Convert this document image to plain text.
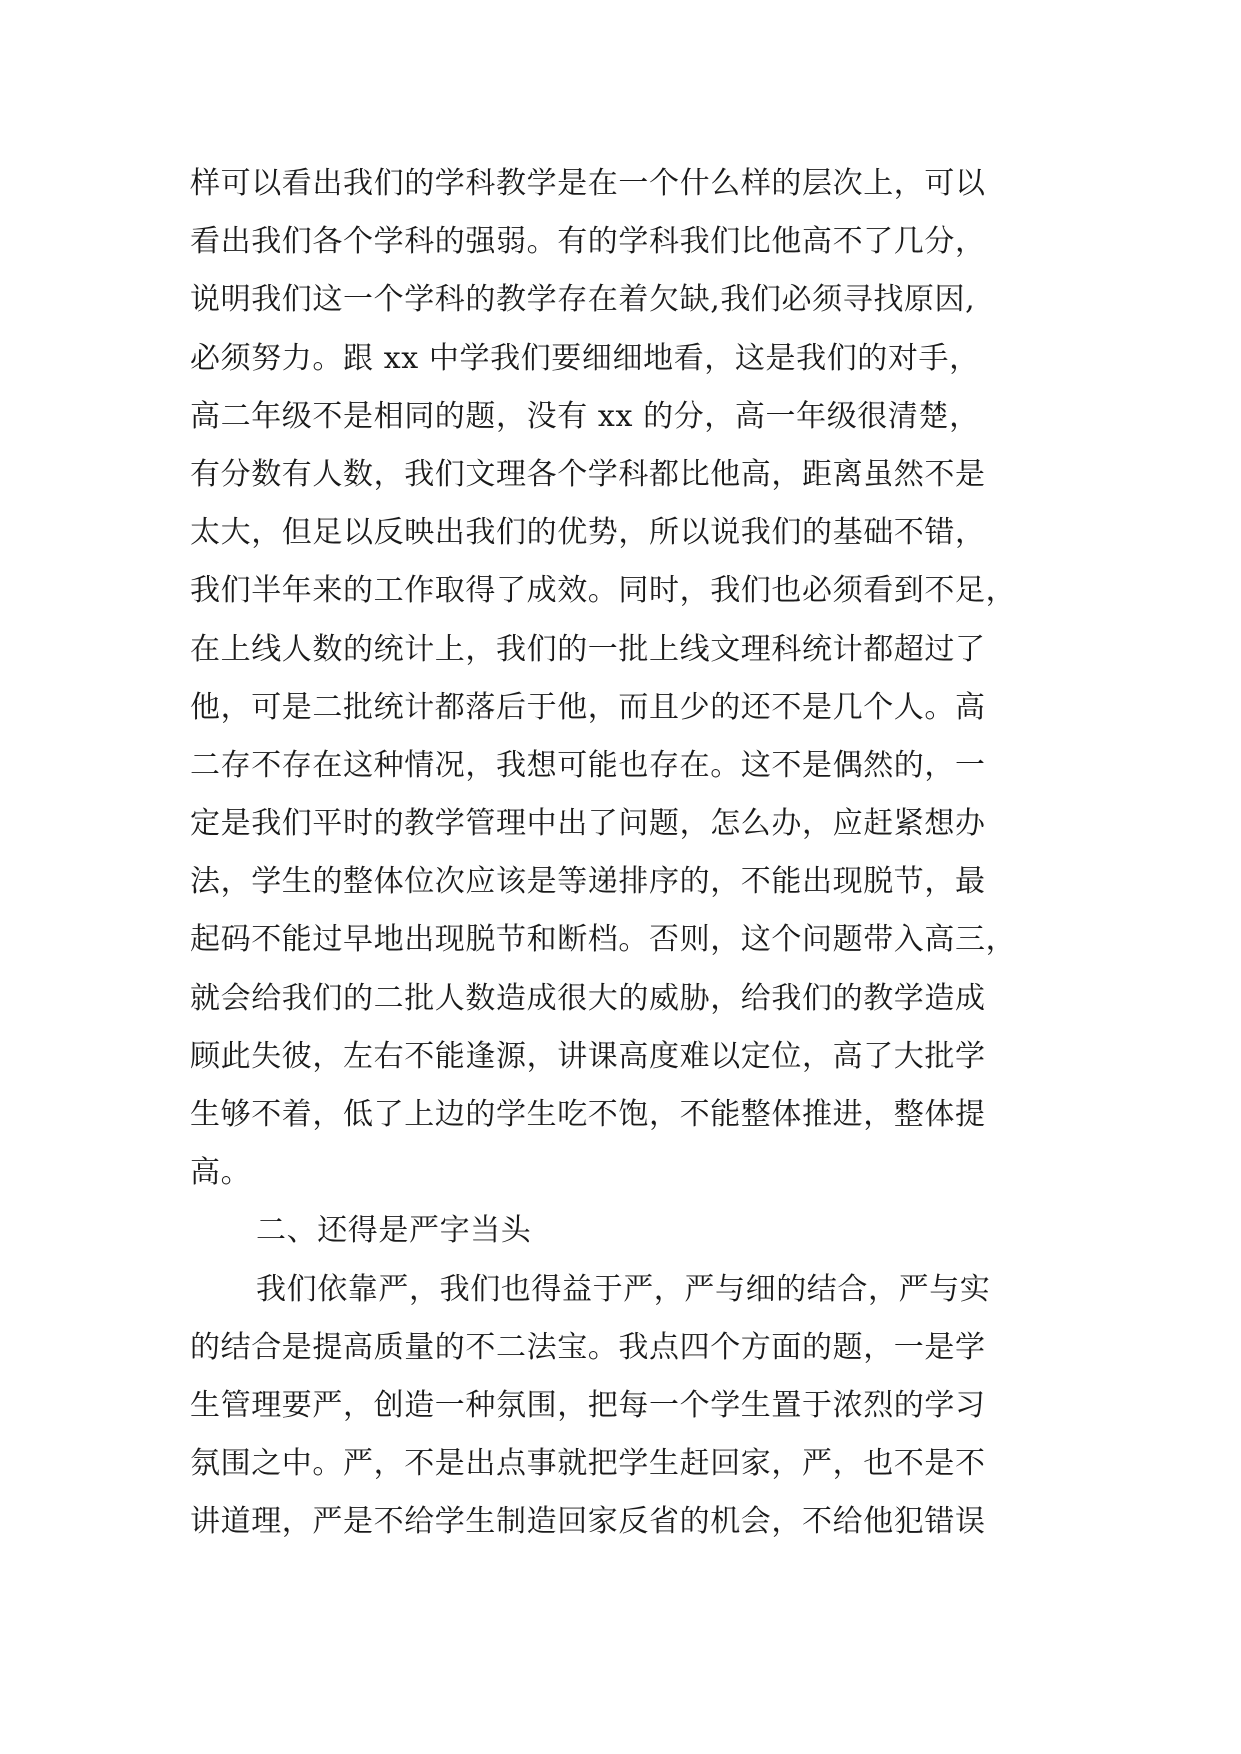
样可以看出我们的学科教学是在一个什么样的层次上，可以
看出我们各个学科的强弱。有的学科我们比他高不了几分，
说明我们这一个学科的教学存在着欠缺,我们必须寻找原因,
必须努力。跟 xx 中学我们要细细地看，这是我们的对手，
高二年级不是相同的题，没有 xx 的分，高一年级很清楚，
有分数有人数，我们文理各个学科都比他高，距离虽然不是
太大，但足以反映出我们的优势，所以说我们的基础不错，
我们半年来的工作取得了成效。同时，我们也必须看到不足，
在上线人数的统计上，我们的一批上线文理科统计都超过了
他，可是二批统计都落后于他，而且少的还不是几个人。高
二存不存在这种情况，我想可能也存在。这不是偶然的，一
定是我们平时的教学管理中出了问题，怎么办，应赶紧想办
法，学生的整体位次应该是等递排序的，不能出现脱节，最
起码不能过早地出现脱节和断档。否则，这个问题带入高三，
就会给我们的二批人数造成很大的威胁，给我们的教学造成
顾此失彼，左右不能逢源，讲课高度难以定位，高了大批学
生够不着，低了上边的学生吃不饱，不能整体推进，整体提
高。
二、还得是严字当头
我们依靠严，我们也得益于严，严与细的结合，严与实
的结合是提高质量的不二法宝。我点四个方面的题，一是学
生管理要严，创造一种氛围，把每一个学生置于浓烈的学习
氛围之中。严，不是出点事就把学生赶回家，严，也不是不
讲道理，严是不给学生制造回家反省的机会，不给他犯错误
